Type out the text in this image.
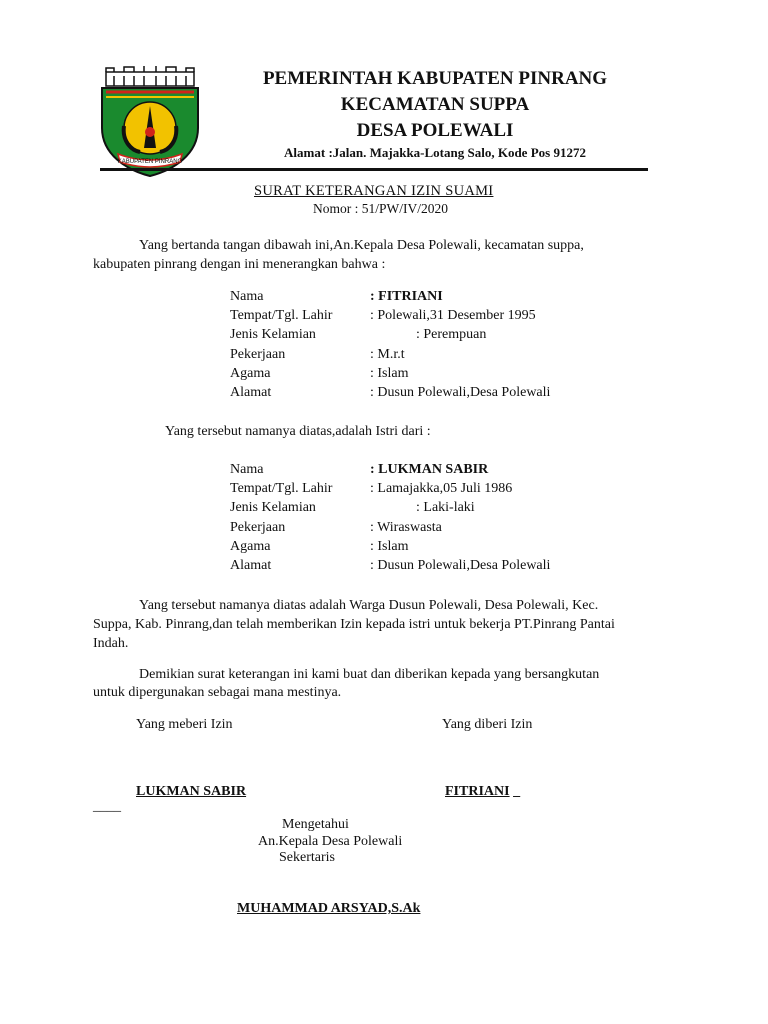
KABUPATEN PINRANG
PEMERINTAH KABUPATEN PINRANG
KECAMATAN SUPPA
DESA POLEWALI
Alamat :Jalan. Majakka-Lotang Salo, Kode Pos 91272
SURAT KETERANGAN IZIN SUAMI
Nomor : 51/PW/IV/2020
Yang bertanda tangan dibawah ini,An.Kepala Desa Polewali, kecamatan suppa,
kabupaten pinrang dengan ini menerangkan bahwa :
Nama
Tempat/Tgl. Lahir
Jenis Kelamian
Pekerjaan
Agama
Alamat
: FITRIANI
: Polewali,31 Desember 1995
: Perempuan
: M.r.t
: Islam
: Dusun Polewali,Desa Polewali
Yang tersebut namanya diatas,adalah Istri dari :
Nama
Tempat/Tgl. Lahir
Jenis Kelamian
Pekerjaan
Agama
Alamat
: LUKMAN SABIR
: Lamajakka,05 Juli 1986
: Laki-laki
: Wiraswasta
: Islam
: Dusun Polewali,Desa Polewali
Yang tersebut namanya diatas adalah Warga Dusun Polewali, Desa Polewali, Kec.
Suppa, Kab. Pinrang,dan telah memberikan Izin kepada istri untuk bekerja PT.Pinrang Pantai
Indah.
Demikian surat keterangan ini kami buat dan diberikan kepada yang bersangkutan
untuk dipergunakan sebagai mana mestinya.
Yang meberi Izin	Yang diberi Izin
LUKMAN SABIR	FITRIANI _
____
Mengetahui
An.Kepala Desa Polewali
Sekertaris
MUHAMMAD ARSYAD,S.Ak
